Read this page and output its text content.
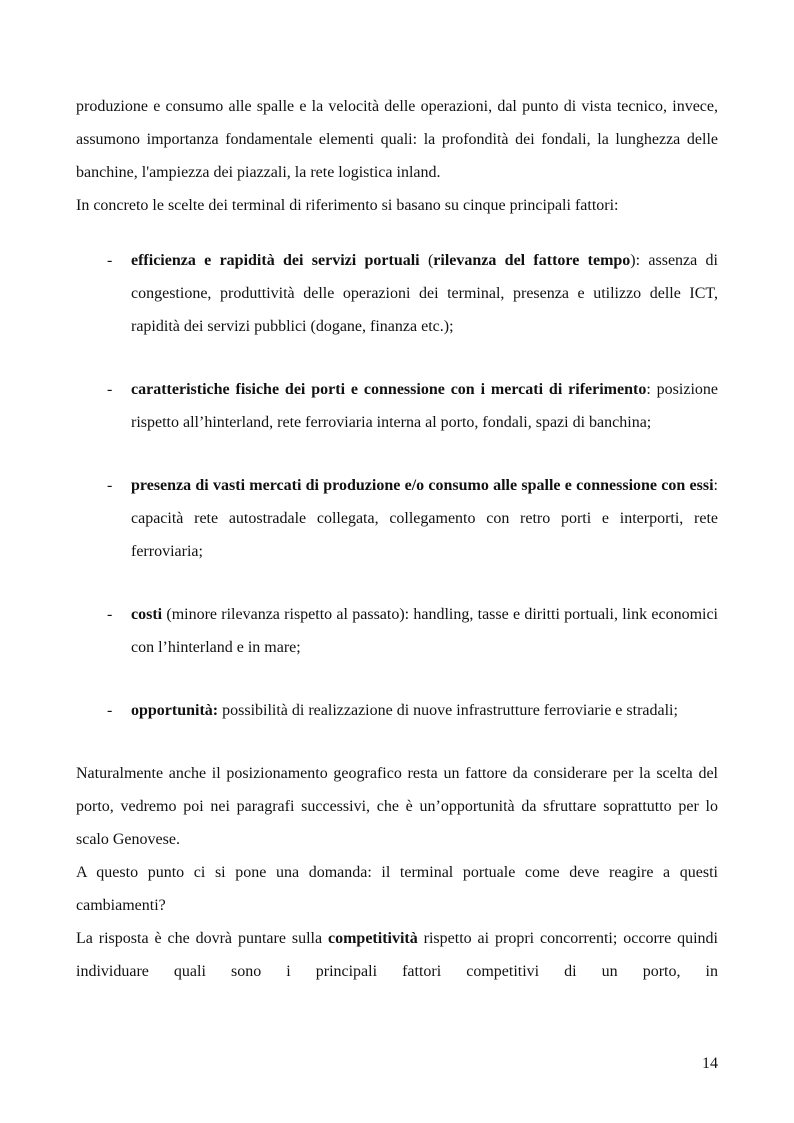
produzione e consumo alle spalle e la velocità delle operazioni, dal punto di vista tecnico, invece, assumono importanza fondamentale elementi quali: la profondità dei fondali, la lunghezza delle banchine, l'ampiezza dei piazzali, la rete logistica inland.

In concreto le scelte dei terminal di riferimento si basano su cinque principali fattori:

- efficienza e rapidità dei servizi portuali (rilevanza del fattore tempo): assenza di congestione, produttività delle operazioni dei terminal, presenza e utilizzo delle ICT, rapidità dei servizi pubblici (dogane, finanza etc.);

- caratteristiche fisiche dei porti e connessione con i mercati di riferimento: posizione rispetto all’hinterland, rete ferroviaria interna al porto, fondali, spazi di banchina;

- presenza di vasti mercati di produzione e/o consumo alle spalle e connessione con essi: capacità rete autostradale collegata, collegamento con retro porti e interporti, rete ferroviaria;

- costi (minore rilevanza rispetto al passato): handling, tasse e diritti portuali, link economici con l’hinterland e in mare;

- opportunità: possibilità di realizzazione di nuove infrastrutture ferroviarie e stradali;

Naturalmente anche il posizionamento geografico resta un fattore da considerare per la scelta del porto, vedremo poi nei paragrafi successivi, che è un’opportunità da sfruttare soprattutto per lo scalo Genovese.

A questo punto ci si pone una domanda: il terminal portuale come deve reagire a questi cambiamenti?

La risposta è che dovrà puntare sulla competitività rispetto ai propri concorrenti; occorre quindi individuare quali sono i principali fattori competitivi di un porto, in

14
